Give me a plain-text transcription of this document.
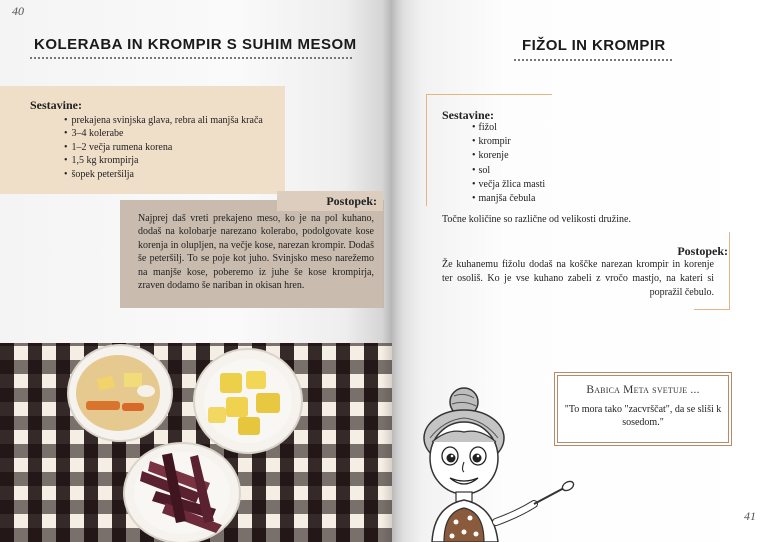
40
KOLERABA IN KROMPIR S SUHIM MESOM
Sestavine:
• prekajena svinjska glava, rebra ali manjša krača
• 3–4 kolerabe
• 1–2 večja rumena korena
• 1,5 kg krompirja
• šopek peteršilja

Najprej daš vreti prekajeno meso, ko je na pol kuhano, dodaš na kolobarje narezano kolerabo, podolgovate kose korenja in olupljen, na večje kose, narezan krompir. Dodaš še peteršilj. To se poje kot juho. Svinjsko meso narežemo na manjše kose, poberemo iz juhe še kose krompirja, zraven dodamo še nariban in okisan hren.

Postopek:
FIŽOL IN KROMPIR
Sestavine:
• fižol
• krompir
• korenje
• sol
• večja žlica masti
• manjša čebula

Točne količine so različne od velikosti družine.

Postopek:

Že kuhanemu fižolu dodaš na koščke narezan krompir in korenje ter osoliš. Ko je vse kuhano zabeli z vročo mastjo, na kateri si popražil čebulo.

Babica Meta svetuje ...
"To mora tako "zacvrščat", da se sliši k sosedom."
41
